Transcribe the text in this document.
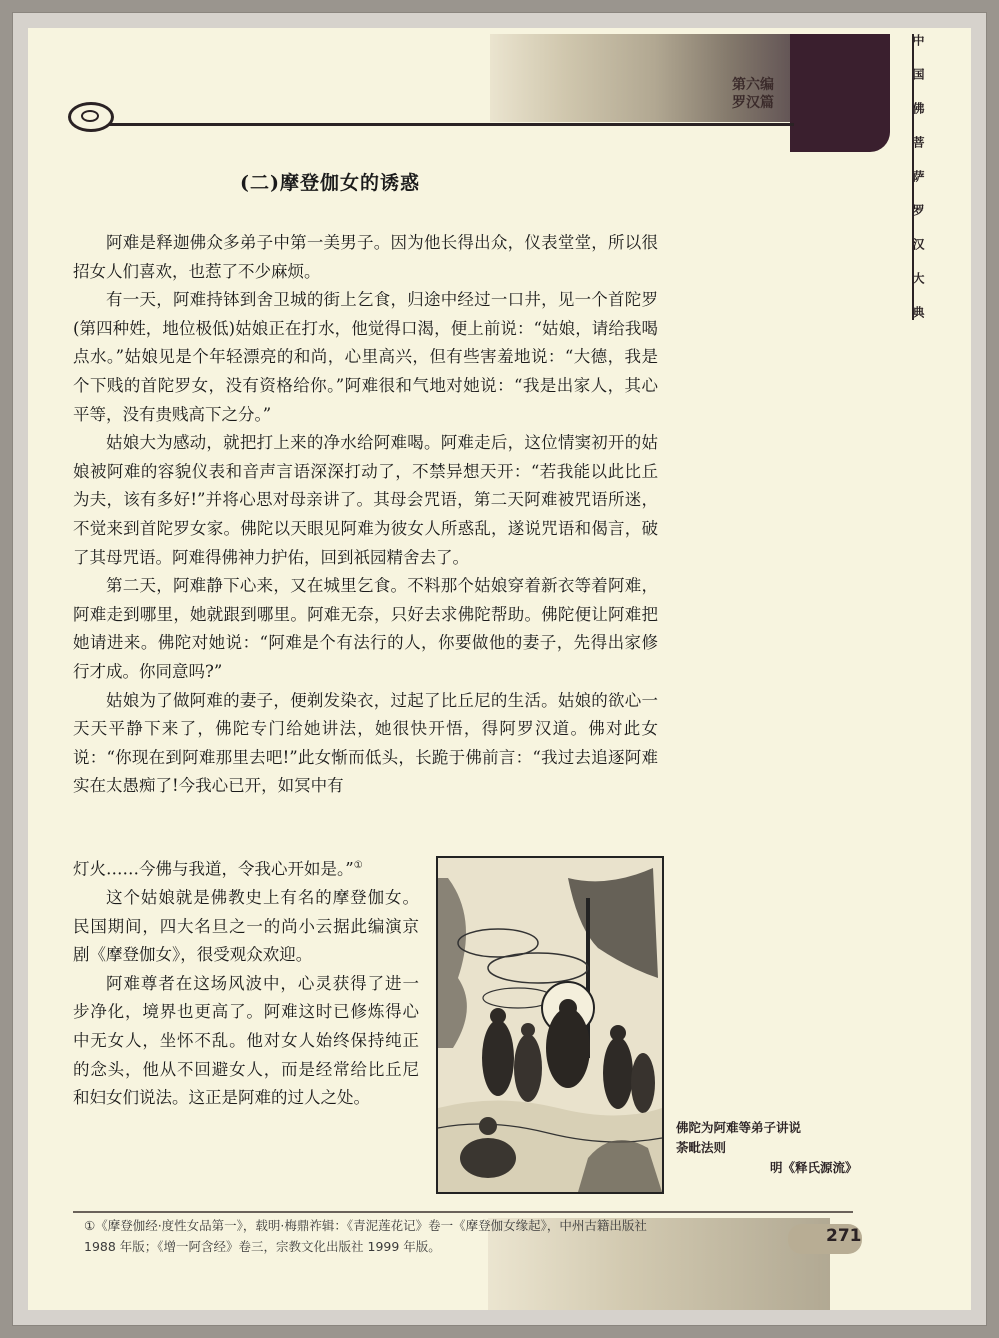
第六编
罗汉篇	中国佛菩萨罗汉大典
(二)摩登伽女的诱惑

阿难是释迦佛众多弟子中第一美男子。因为他长得出众，仪表堂堂，所以很招女人们喜欢，也惹了不少麻烦。

有一天，阿难持钵到舍卫城的街上乞食，归途中经过一口井，见一个首陀罗(第四种姓，地位极低)姑娘正在打水，他觉得口渴，便上前说：“姑娘，请给我喝点水。”姑娘见是个年轻漂亮的和尚，心里高兴，但有些害羞地说：“大德，我是个下贱的首陀罗女，没有资格给你。”阿难很和气地对她说：“我是出家人，其心平等，没有贵贱高下之分。”

姑娘大为感动，就把打上来的净水给阿难喝。阿难走后，这位情窦初开的姑娘被阿难的容貌仪表和音声言语深深打动了，不禁异想天开：“若我能以此比丘为夫，该有多好!”并将心思对母亲讲了。其母会咒语，第二天阿难被咒语所迷，不觉来到首陀罗女家。佛陀以天眼见阿难为彼女人所惑乱，遂说咒语和偈言，破了其母咒语。阿难得佛神力护佑，回到祇园精舍去了。

第二天，阿难静下心来，又在城里乞食。不料那个姑娘穿着新衣等着阿难，阿难走到哪里，她就跟到哪里。阿难无奈，只好去求佛陀帮助。佛陀便让阿难把她请进来。佛陀对她说：“阿难是个有法行的人，你要做他的妻子，先得出家修行才成。你同意吗?”

姑娘为了做阿难的妻子，便剃发染衣，过起了比丘尼的生活。姑娘的欲心一天天平静下来了，佛陀专门给她讲法，她很快开悟，得阿罗汉道。佛对此女说：“你现在到阿难那里去吧!”此女惭而低头，长跪于佛前言：“我过去追逐阿难实在太愚痴了!今我心已开，如冥中有

灯火……今佛与我道，令我心开如是。”①

这个姑娘就是佛教史上有名的摩登伽女。民国期间，四大名旦之一的尚小云据此编演京剧《摩登伽女》，很受观众欢迎。

阿难尊者在这场风波中，心灵获得了进一步净化，境界也更高了。阿难这时已修炼得心中无女人，坐怀不乱。他对女人始终保持纯正的念头，他从不回避女人，而是经常给比丘尼和妇女们说法。这正是阿难的过人之处。

佛陀为阿难等弟子讲说
荼毗法则
明《释氏源流》
①《摩登伽经·度性女品第一》，载明·梅鼎祚辑：《青泥莲花记》卷一《摩登伽女缘起》，中州古籍出版社 1988 年版；《增一阿含经》卷三，宗教文化出版社 1999 年版。
271
